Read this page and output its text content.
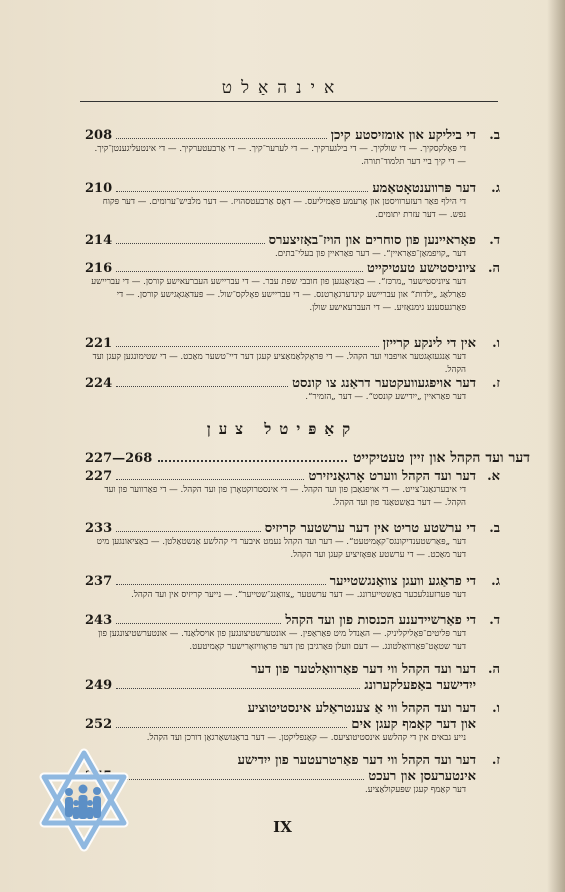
אינהאַלט
ב.
די ביליקע און אומזיסטע קיכן
208
די פּאָלקסקיך. — די שולקיך. — די בילגערקיך. — די לערער־קיך. — די אַרבעטערקיך. — די אינטעליגענטן־קיך. — די קיך ביי דער תלמוד־תורה.
ג.
דער פּרווענטאָטאַמע
210
די הילף פאַר רעזערוויסטן און אָרעמע פאַמיליעס. — דאָס אַרבעטסהויז. — דער מלבּיש־ערומים. — דער פּקוח נפש. — דער עזרת יתומים.
ד.
פאַראיינען פון סוחרים און הויז־באַזיצערס
214
דער „קויפמאַן־פאַראיין“. — דער פאַראיין פון בעלי־בתים.
ה.
ציוניסטישע טעטיקייט
216
דער ציוניסטישער „מרכּז“. — באַניאַנגען פון חובבי שפת עבר. — די עבריישע העברעאישע קורסן. — די עבריישע פאַרלאַג „ילדות“ און עבריישע קינדערגאָרטנס. — די עבריישע פאָלקס־שול. — פּעדאַגאָגישע קורסן. — די פאַרגעסענע גימנאַזיע. — די העברעאישע שולן.
ו.
אין די לינקע קרייזן
221
דער אַנגעזאָגטער אויפבוי ועד הקהל. — די פּראָקלאַמאַציע קעגן דער דיי־טשער מאַכט. — די שטימונגען קעגן ועד הקהל.
ז.
דער אויפגעוועקטער דראַנג צו קונסט
224
דער פאַראיין „ייִדישע קונסט“. — דער „הזמיר“.
קאַפּיטל צען
דער ועד הקהל און זיין טעטיקייט
227—268
א.
דער ועד הקהל ווערט אָרגאַניזירט
227
די איבערגאַנג־צייט. — די אויפגאַבן פון ועד הקהל. — די אינסטרוקטאָרן פון ועד הקהל. — די פאַרווער פון ועד הקהל. — דער באַשטאַנד פון ועד הקהל.
ב.
די ערשטע טריט אין דער ערשטער קריזיס
233
דער „פּאַרשטענדיקונגס־קאָמיטעט“. — דער ועד הקהל נעמט איבער די קהלשע אַנשטאַלטן. — באַציאונגען מיט דער מאַכט. — די ערשטע אַפּאָזיציע קעגן ועד הקהל.
ג.
די פראַגע וועגן צוואַנגשטייער
237
דער פּערזענלעכער באַשטייערונג. — דער ערשטער „צוואַנג־שטייער“. — נייער קריזיס אין ועד הקהל.
ד.
די פאַרשיידענע הכנסות פון ועד הקהל
243
דער פּליטים־פּאָליקליניק. — האַנדל מיט פּאַראַפין. — אונטערשטיצונגען פון אויסלאַנד. — אונטערשטיצונגען פון דער שטאָט־פּאַרוואַלטונג. — דעם וועלן פאַרגיבן פון דער פּראָוויזאָרישער קאָמיטעט.
ה.
דער ועד הקהל ווי דער פאַרוואַלטער פון דער
ייִדישער באַפעלקערונג
249
ו.
דער ועד הקהל ווי אַ צענטראַלע אינסטיטוציע
און דער קאַמף קעגן אים
252
נייע גבאים אין די קהלשע אינסטיטוציעס. — קאַנפליקטן. — דער בראַנזשאַרגאַן דורכן ועד הקהל.
ז.
דער ועד הקהל ווי דער פאַרטרעטער פון ייִדישע
אינטערעסן און רעכט
255
דער קאַמף קעגן שפּעקולאַציע.
IX
